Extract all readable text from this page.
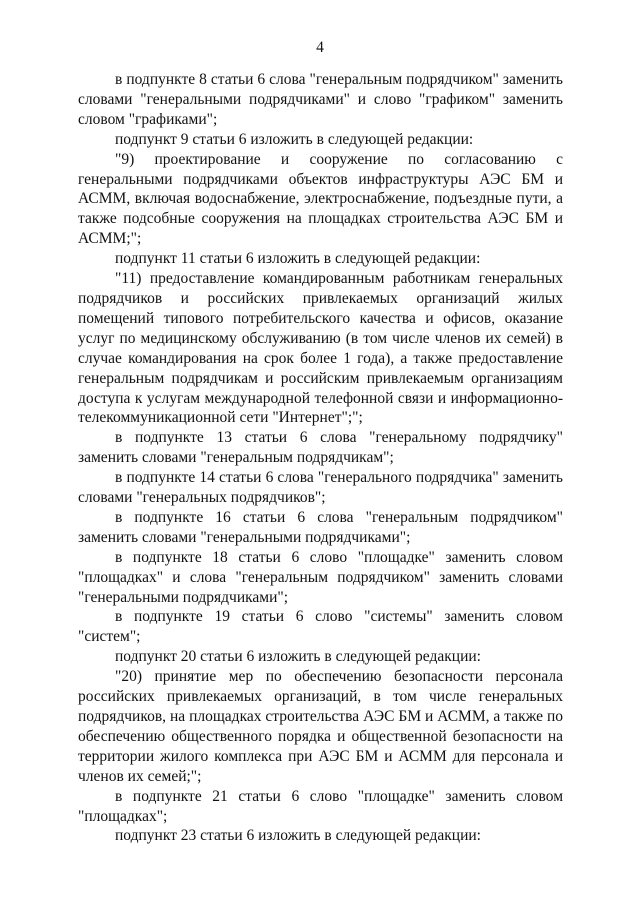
4

в подпункте 8 статьи 6 слова "генеральным подрядчиком" заменить словами "генеральными подрядчиками" и слово "графиком" заменить словом "графиками";

подпункт 9 статьи 6 изложить в следующей редакции:

"9) проектирование и сооружение по согласованию с генеральными подрядчиками объектов инфраструктуры АЭС БМ и АСММ, включая водоснабжение, электроснабжение, подъездные пути, а также подсобные сооружения на площадках строительства АЭС БМ и АСММ;";

подпункт 11 статьи 6 изложить в следующей редакции:

"11) предоставление командированным работникам генеральных подрядчиков и российских привлекаемых организаций жилых помещений типового потребительского качества и офисов, оказание услуг по медицинскому обслуживанию (в том числе членов их семей) в случае командирования на срок более 1 года), а также предоставление генеральным подрядчикам и российским привлекаемым организациям доступа к услугам международной телефонной связи и информационно-телекоммуникационной сети "Интернет";";

в подпункте 13 статьи 6 слова "генеральному подрядчику" заменить словами "генеральным подрядчикам";

в подпункте 14 статьи 6 слова "генерального подрядчика" заменить словами "генеральных подрядчиков";

в подпункте 16 статьи 6 слова "генеральным подрядчиком" заменить словами "генеральными подрядчиками";

в подпункте 18 статьи 6 слово "площадке" заменить словом "площадках" и слова "генеральным подрядчиком" заменить словами "генеральными подрядчиками";

в подпункте 19 статьи 6 слово "системы" заменить словом "систем";

подпункт 20 статьи 6 изложить в следующей редакции:

"20) принятие мер по обеспечению безопасности персонала российских привлекаемых организаций, в том числе генеральных подрядчиков, на площадках строительства АЭС БМ и АСММ, а также по обеспечению общественного порядка и общественной безопасности на территории жилого комплекса при АЭС БМ и АСММ для персонала и членов их семей;";

в подпункте 21 статьи 6 слово "площадке" заменить словом "площадках";

подпункт 23 статьи 6 изложить в следующей редакции:
